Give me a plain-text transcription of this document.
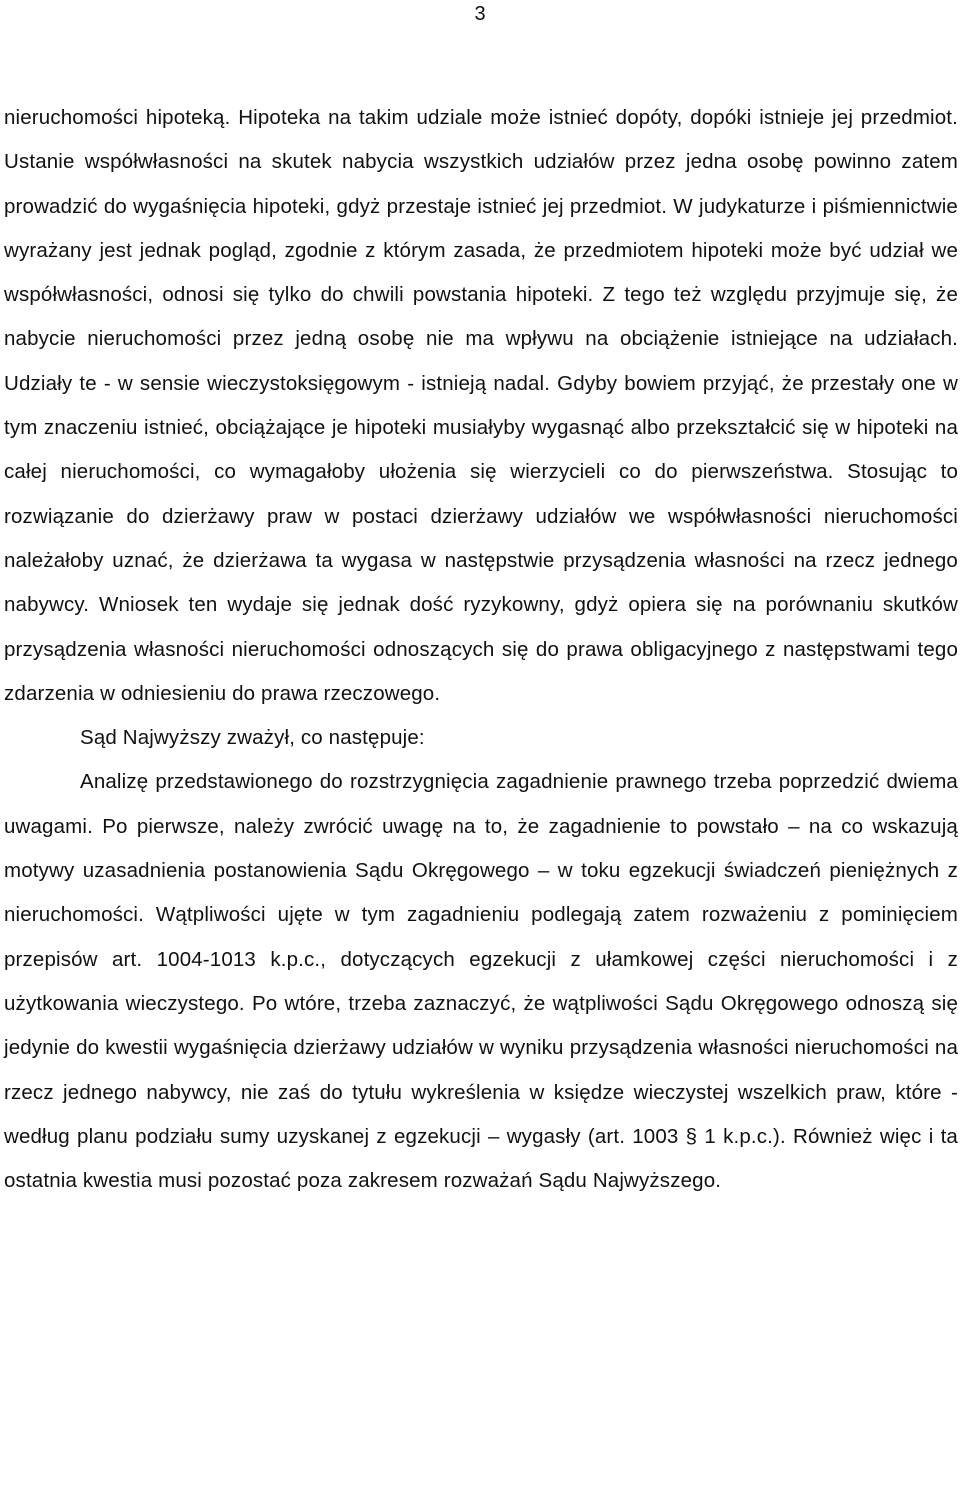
3

nieruchomości hipoteką. Hipoteka na takim udziale może istnieć dopóty, dopóki istnieje jej przedmiot. Ustanie współwłasności na skutek nabycia wszystkich udziałów przez jedna osobę powinno zatem prowadzić do wygaśnięcia hipoteki, gdyż przestaje istnieć jej przedmiot. W judykaturze i piśmiennictwie wyrażany jest jednak pogląd, zgodnie z którym zasada, że przedmiotem hipoteki może być udział we współwłasności, odnosi się tylko do chwili powstania hipoteki. Z tego też względu przyjmuje się, że nabycie nieruchomości przez jedną osobę nie ma wpływu na obciążenie istniejące na udziałach. Udziały te - w sensie wieczystoksięgowym - istnieją nadal. Gdyby bowiem przyjąć, że przestały one w tym znaczeniu istnieć, obciążające je hipoteki musiałyby wygasnąć albo przekształcić się w hipoteki na całej nieruchomości, co wymagałoby ułożenia się wierzycieli co do pierwszeństwa. Stosując to rozwiązanie do dzierżawy praw w postaci dzierżawy udziałów we współwłasności nieruchomości należałoby uznać, że dzierżawa ta wygasa w następstwie przysądzenia własności na rzecz jednego nabywcy. Wniosek ten wydaje się jednak dość ryzykowny, gdyż opiera się na porównaniu skutków przysądzenia własności nieruchomości odnoszących się do prawa obligacyjnego z następstwami tego zdarzenia w odniesieniu do prawa rzeczowego.

Sąd Najwyższy zważył, co następuje:

Analizę przedstawionego do rozstrzygnięcia zagadnienie prawnego trzeba poprzedzić dwiema uwagami. Po pierwsze, należy zwrócić uwagę na to, że zagadnienie to powstało – na co wskazują motywy uzasadnienia postanowienia Sądu Okręgowego – w toku egzekucji świadczeń pieniężnych z nieruchomości. Wątpliwości ujęte w tym zagadnieniu podlegają zatem rozważeniu z pominięciem przepisów art. 1004-1013 k.p.c., dotyczących egzekucji z ułamkowej części nieruchomości i z użytkowania wieczystego. Po wtóre, trzeba zaznaczyć, że wątpliwości Sądu Okręgowego odnoszą się jedynie do kwestii wygaśnięcia dzierżawy udziałów w wyniku przysądzenia własności nieruchomości na rzecz jednego nabywcy, nie zaś do tytułu wykreślenia w księdze wieczystej wszelkich praw, które - według planu podziału sumy uzyskanej z egzekucji – wygasły (art. 1003 § 1 k.p.c.). Również więc i ta ostatnia kwestia musi pozostać poza zakresem rozważań Sądu Najwyższego.
